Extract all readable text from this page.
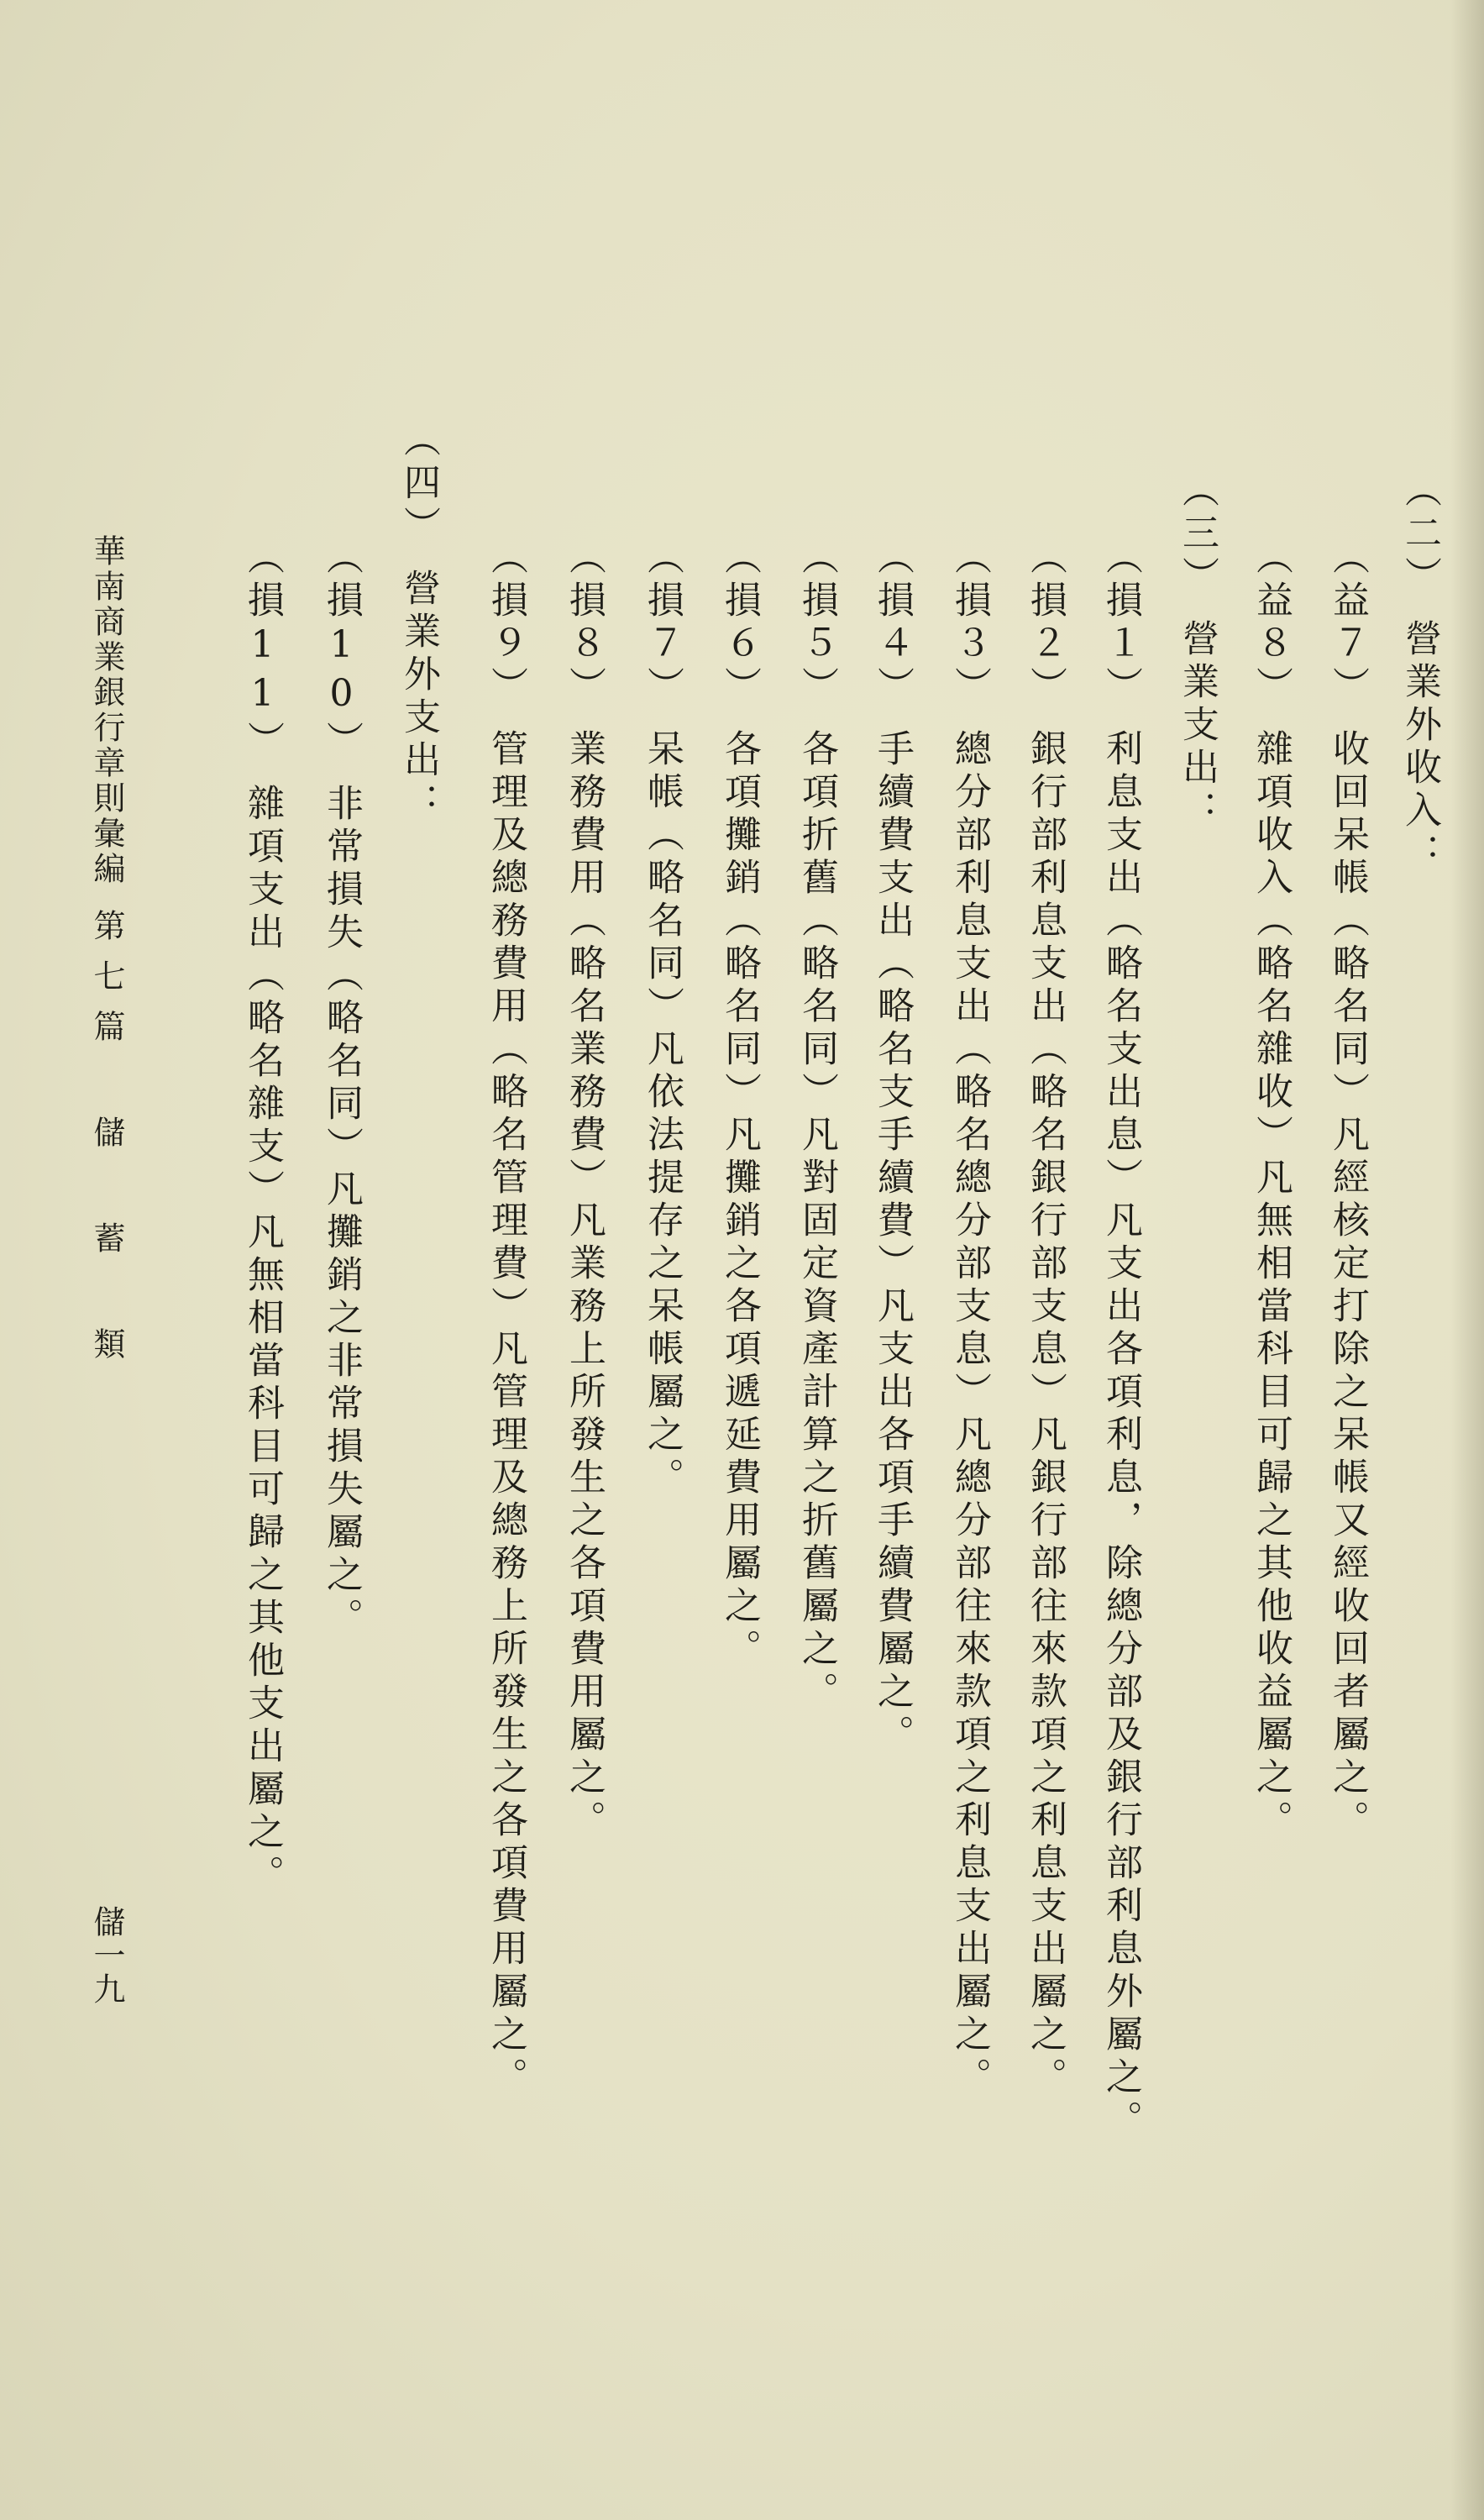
（二）營業外收入：
（益７）收回呆帳（略名同）凡經核定打除之呆帳又經收回者屬之。
（益８）雜項收入（略名雜收）凡無相當科目可歸之其他收益屬之。
（三）營業支出：
（損１）利息支出（略名支出息）凡支出各項利息，除總分部及銀行部利息外屬之。
（損２）銀行部利息支出（略名銀行部支息）凡銀行部往來款項之利息支出屬之。
（損３）總分部利息支出（略名總分部支息）凡總分部往來款項之利息支出屬之。
（損４）手續費支出（略名支手續費）凡支出各項手續費屬之。
（損５）各項折舊（略名同）凡對固定資產計算之折舊屬之。
（損６）各項攤銷（略名同）凡攤銷之各項遞延費用屬之。
（損７）呆帳（略名同）凡依法提存之呆帳屬之。
（損８）業務費用（略名業務費）凡業務上所發生之各項費用屬之。
（損９）管理及總務費用（略名管理費）凡管理及總務上所發生之各項費用屬之。
（四）營業外支出：
（損10）非常損失（略名同）凡攤銷之非常損失屬之。
（損11）雜項支出（略名雜支）凡無相當科目可歸之其他支出屬之。
華南商業銀行章則彙編
第七篇 儲 蓄 類
儲一九
